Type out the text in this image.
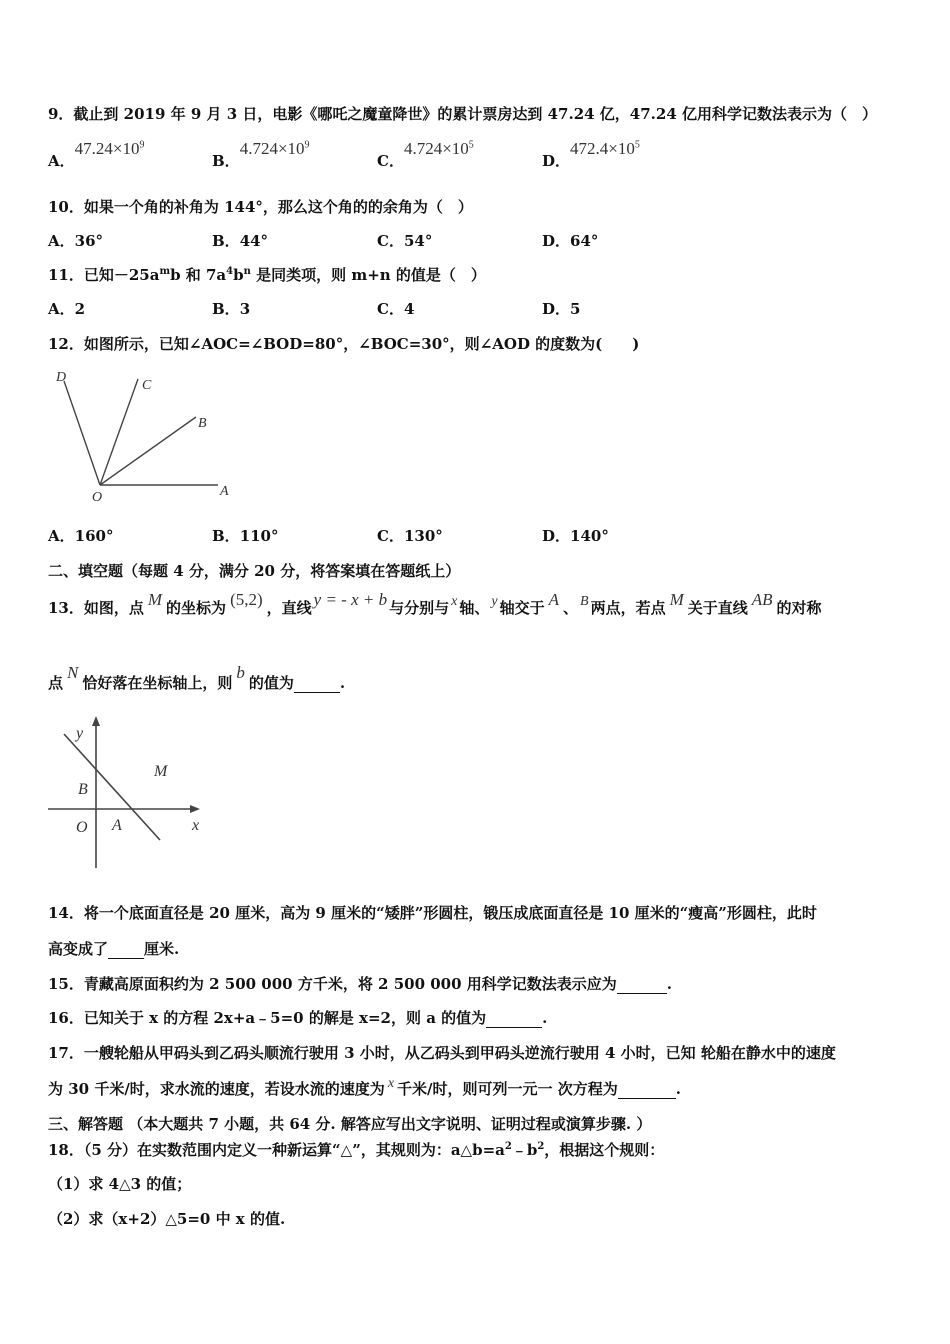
9．截止到 2019 年 9 月 3 日，电影《哪吒之魔童降世》的累计票房达到 47.24 亿，47.24 亿用科学记数法表示为（　）
A．$47.24\times 10^9$
B．$4.724\times 10^9$
C．$4.724\times 10^5$
D．$472.4\times 10^5$
10．如果一个角的补角为 144°，那么这个角的的余角为（　）
A．36°	B．44°	C．54°	D．64°
11．已知$-25a^mb$ 和 $7a^4b^n$ 是同类项，则 m+n 的值是（　）
A．2	B．3	C．4	D．5
12．如图所示，已知∠AOC=∠BOD=80°，∠BOC=30°，则∠AOD 的度数为(　　)
D
C
B
O	A
A．160°	B．110°	C．130°	D．140°
二、填空题（每题 4 分，满分 20 分，将答案填在答题纸上）
13．如图，点 M 的坐标为 (5,2) ，直线 y = - x + b 与分别与 x 轴、 y 轴交于 A 、 B 两点，若点 M 关于直线 AB 的对称
点N恰好落在坐标轴上，则b的值为	.
y
x
B
O A
M
14．将一个底面直径是 20 厘米，高为 9 厘米的“矮胖”形圆柱，锻压成底面直径是 10 厘米的“瘦高”形圆柱，此时
高变成了 厘米.
15．青藏高原面积约为 2 500 000 方千米，将 2 500 000 用科学记数法表示应为	.
16．已知关于 x 的方程 2x+a﹣5=0 的解是 x=2，则 a 的值为	.
17．一艘轮船从甲码头到乙码头顺流行驶用 3 小时，从乙码头到甲码头逆流行驶用 4 小时，已知 轮船在静水中的速度
为 30 千米/时，求水流的速度，若设水流的速度为 x 千米/时，则可列一元一 次方程为	.
三、解答题 （本大题共 7 小题，共 64 分. 解答应写出文字说明、证明过程或演算步骤. ）
18．（5 分）在实数范围内定义一种新运算“△”，其规则为：$a\triangle b=a^2﹣b^2$，根据这个规则：
（1）求 4△3 的值；
（2）求（x+2）△5=0 中 x 的值.
